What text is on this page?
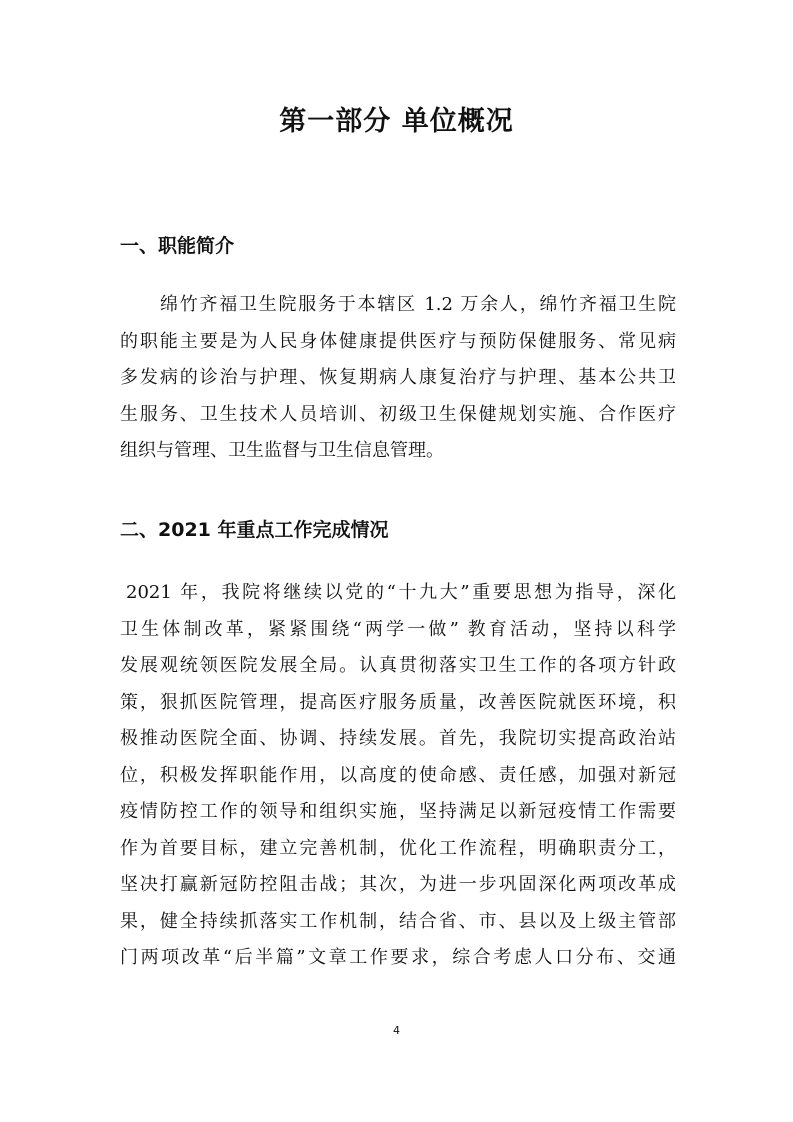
第一部分 单位概况
一、职能简介
绵竹齐福卫生院服务于本辖区 1.2 万余人，绵竹齐福卫生院
的职能主要是为人民身体健康提供医疗与预防保健服务、常见病
多发病的诊治与护理、恢复期病人康复治疗与护理、基本公共卫
生服务、卫生技术人员培训、初级卫生保健规划实施、合作医疗
组织与管理、卫生监督与卫生信息管理。
二、2021 年重点工作完成情况
2021 年，我院将继续以党的“十九大”重要思想为指导，深化
卫生体制改革，紧紧围绕“两学一做” 教育活动，坚持以科学
发展观统领医院发展全局。认真贯彻落实卫生工作的各项方针政
策，狠抓医院管理，提高医疗服务质量，改善医院就医环境，积
极推动医院全面、协调、持续发展。首先，我院切实提高政治站
位，积极发挥职能作用，以高度的使命感、责任感，加强对新冠
疫情防控工作的领导和组织实施，坚持满足以新冠疫情工作需要
作为首要目标，建立完善机制，优化工作流程，明确职责分工，
坚决打赢新冠防控阻击战；其次，为进一步巩固深化两项改革成
果，健全持续抓落实工作机制，结合省、市、县以及上级主管部
门两项改革“后半篇”文章工作要求，综合考虑人口分布、交通
4
